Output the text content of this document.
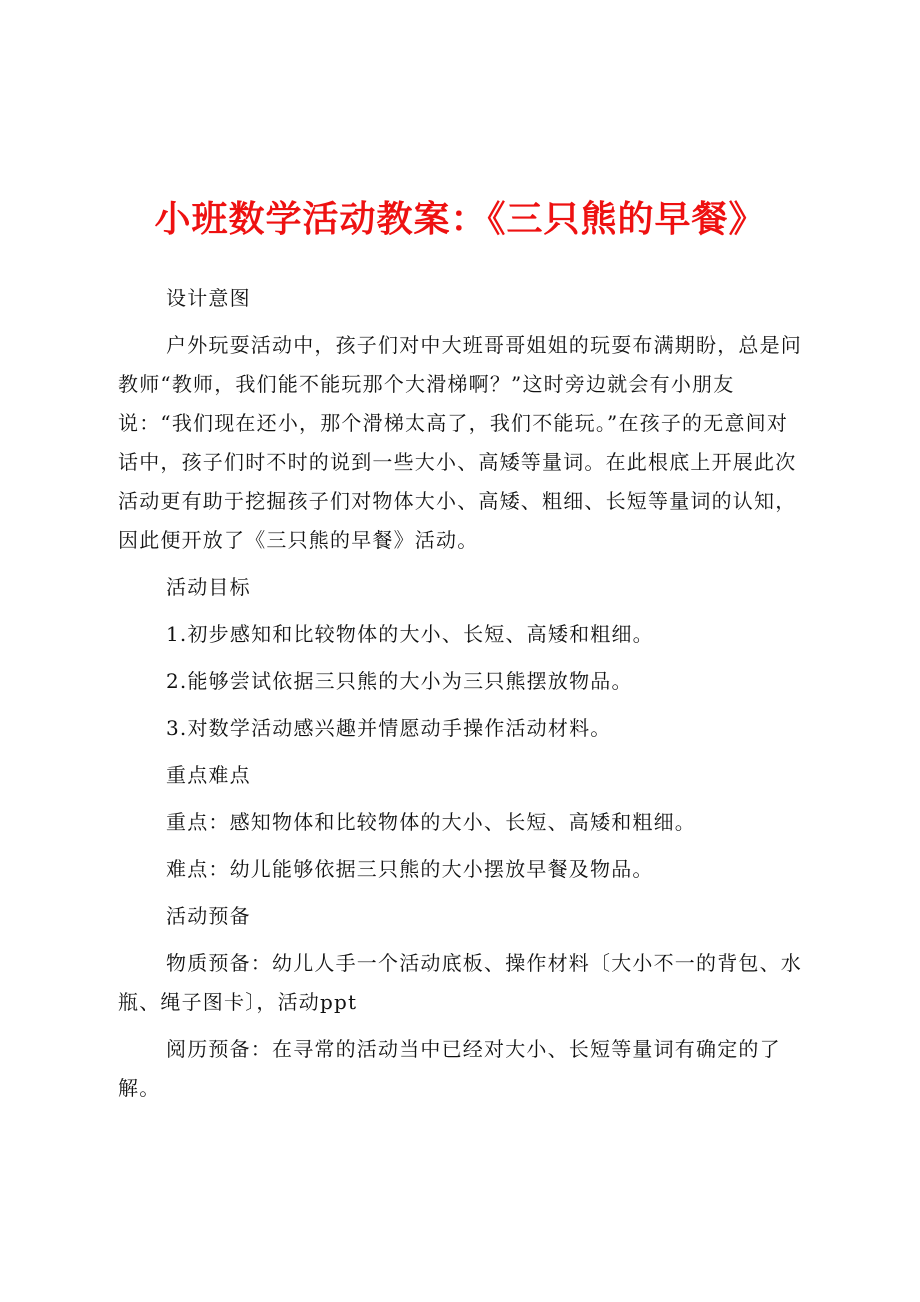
小班数学活动教案：《三只熊的早餐》

设计意图

户外玩耍活动中，孩子们对中大班哥哥姐姐的玩耍布满期盼，总是问教师“教师，我们能不能玩那个大滑梯啊？”这时旁边就会有小朋友说：“我们现在还小，那个滑梯太高了，我们不能玩。”在孩子的无意间对话中，孩子们时不时的说到一些大小、高矮等量词。在此根底上开展此次活动更有助于挖掘孩子们对物体大小、高矮、粗细、长短等量词的认知，因此便开放了《三只熊的早餐》活动。

活动目标

1.初步感知和比较物体的大小、长短、高矮和粗细。

2.能够尝试依据三只熊的大小为三只熊摆放物品。

3.对数学活动感兴趣并情愿动手操作活动材料。

重点难点

重点：感知物体和比较物体的大小、长短、高矮和粗细。

难点：幼儿能够依据三只熊的大小摆放早餐及物品。

活动预备

物质预备：幼儿人手一个活动底板、操作材料〔大小不一的背包、水瓶、绳子图卡〕，活动ppt

阅历预备：在寻常的活动当中已经对大小、长短等量词有确定的了解。
